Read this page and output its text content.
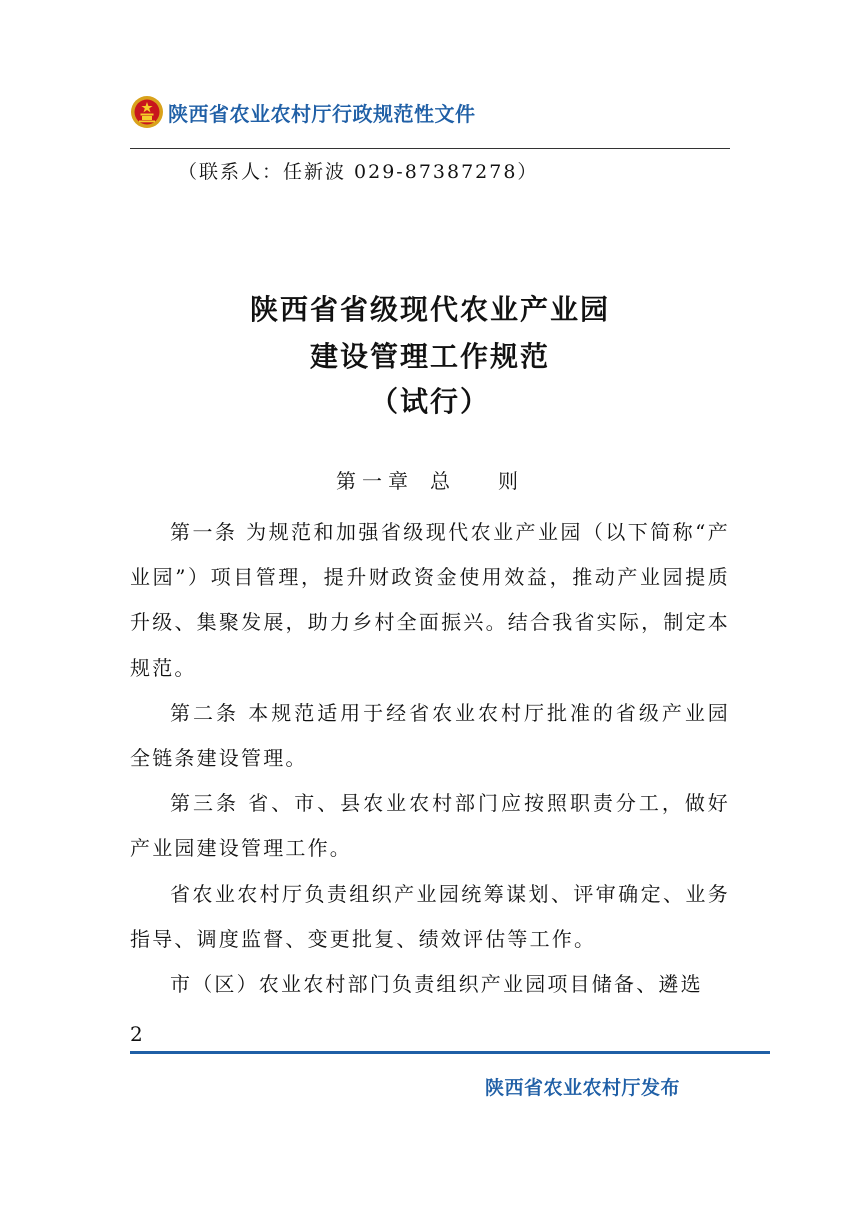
陕西省农业农村厅行政规范性文件
（联系人：任新波 029-87387278）
陕西省省级现代农业产业园
建设管理工作规范
（试行）
第一章 总 则

第一条 为规范和加强省级现代农业产业园（以下简称“产业园”）项目管理，提升财政资金使用效益，推动产业园提质升级、集聚发展，助力乡村全面振兴。结合我省实际，制定本规范。

第二条 本规范适用于经省农业农村厅批准的省级产业园全链条建设管理。

第三条 省、市、县农业农村部门应按照职责分工，做好产业园建设管理工作。

省农业农村厅负责组织产业园统筹谋划、评审确定、业务指导、调度监督、变更批复、绩效评估等工作。

市（区）农业农村部门负责组织产业园项目储备、遴选

2
陕西省农业农村厅发布
